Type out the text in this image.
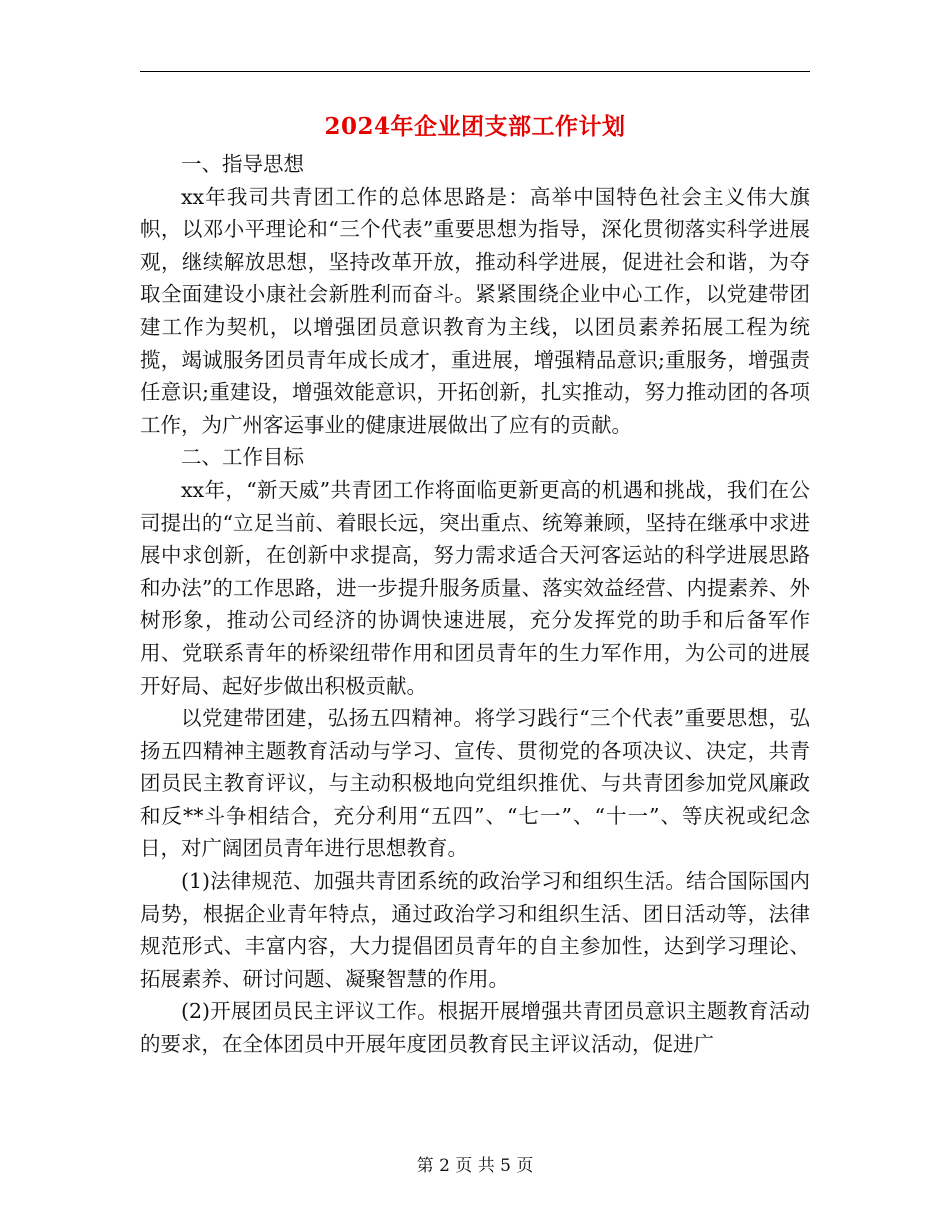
2024年企业团支部工作计划

一、指导思想

xx年我司共青团工作的总体思路是：高举中国特色社会主义伟大旗帜，以邓小平理论和“三个代表”重要思想为指导，深化贯彻落实科学进展观，继续解放思想，坚持改革开放，推动科学进展，促进社会和谐，为夺取全面建设小康社会新胜利而奋斗。紧紧围绕企业中心工作，以党建带团建工作为契机，以增强团员意识教育为主线，以团员素养拓展工程为统揽，竭诚服务团员青年成长成才，重进展，增强精品意识;重服务，增强责任意识;重建设，增强效能意识，开拓创新，扎实推动，努力推动团的各项工作，为广州客运事业的健康进展做出了应有的贡献。

二、工作目标

xx年，“新天威”共青团工作将面临更新更高的机遇和挑战，我们在公司提出的“立足当前、着眼长远，突出重点、统筹兼顾，坚持在继承中求进展中求创新，在创新中求提高，努力需求适合天河客运站的科学进展思路和办法”的工作思路，进一步提升服务质量、落实效益经营、内提素养、外树形象，推动公司经济的协调快速进展，充分发挥党的助手和后备军作用、党联系青年的桥梁纽带作用和团员青年的生力军作用，为公司的进展开好局、起好步做出积极贡献。

以党建带团建，弘扬五四精神。将学习践行“三个代表”重要思想，弘扬五四精神主题教育活动与学习、宣传、贯彻党的各项决议、决定，共青团员民主教育评议，与主动积极地向党组织推优、与共青团参加党风廉政和反**斗争相结合，充分利用“五四”、“七一”、“十一”、等庆祝或纪念日，对广阔团员青年进行思想教育。

(1)法律规范、加强共青团系统的政治学习和组织生活。结合国际国内局势，根据企业青年特点，通过政治学习和组织生活、团日活动等，法律规范形式、丰富内容，大力提倡团员青年的自主参加性，达到学习理论、拓展素养、研讨问题、凝聚智慧的作用。

(2)开展团员民主评议工作。根据开展增强共青团员意识主题教育活动的要求，在全体团员中开展年度团员教育民主评议活动，促进广

第 2 页 共 5 页
